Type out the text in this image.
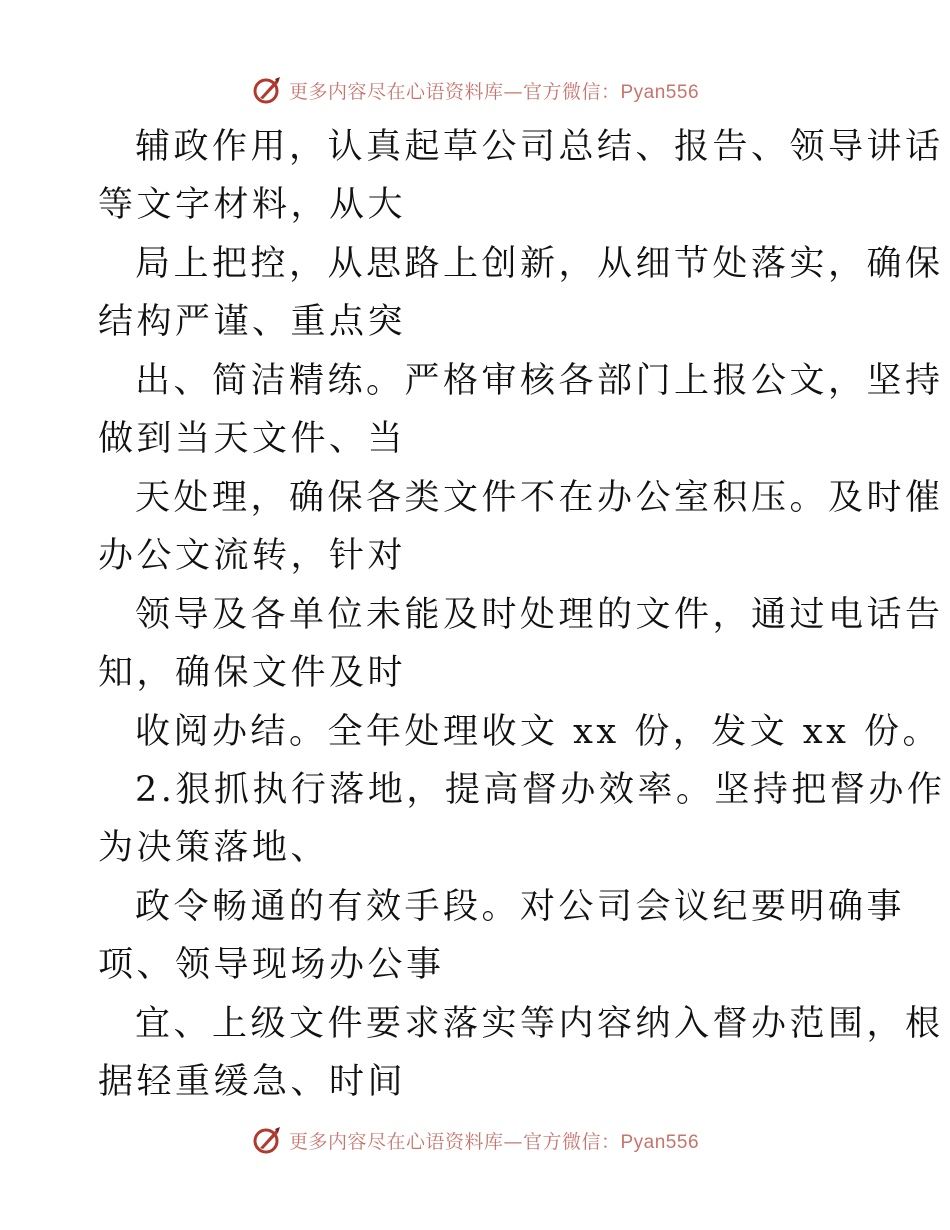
更多内容尽在心语资料库—官方微信：Pyan556
辅政作用，认真起草公司总结、报告、领导讲话
等文字材料，从大
局上把控，从思路上创新，从细节处落实，确保
结构严谨、重点突
出、简洁精练。严格审核各部门上报公文，坚持
做到当天文件、当
天处理，确保各类文件不在办公室积压。及时催
办公文流转，针对
领导及各单位未能及时处理的文件，通过电话告
知，确保文件及时
收阅办结。全年处理收文 xx 份，发文 xx 份。
2.狠抓执行落地，提高督办效率。坚持把督办作
为决策落地、
政令畅通的有效手段。对公司会议纪要明确事
项、领导现场办公事
宜、上级文件要求落实等内容纳入督办范围，根
据轻重缓急、时间
更多内容尽在心语资料库—官方微信：Pyan556
